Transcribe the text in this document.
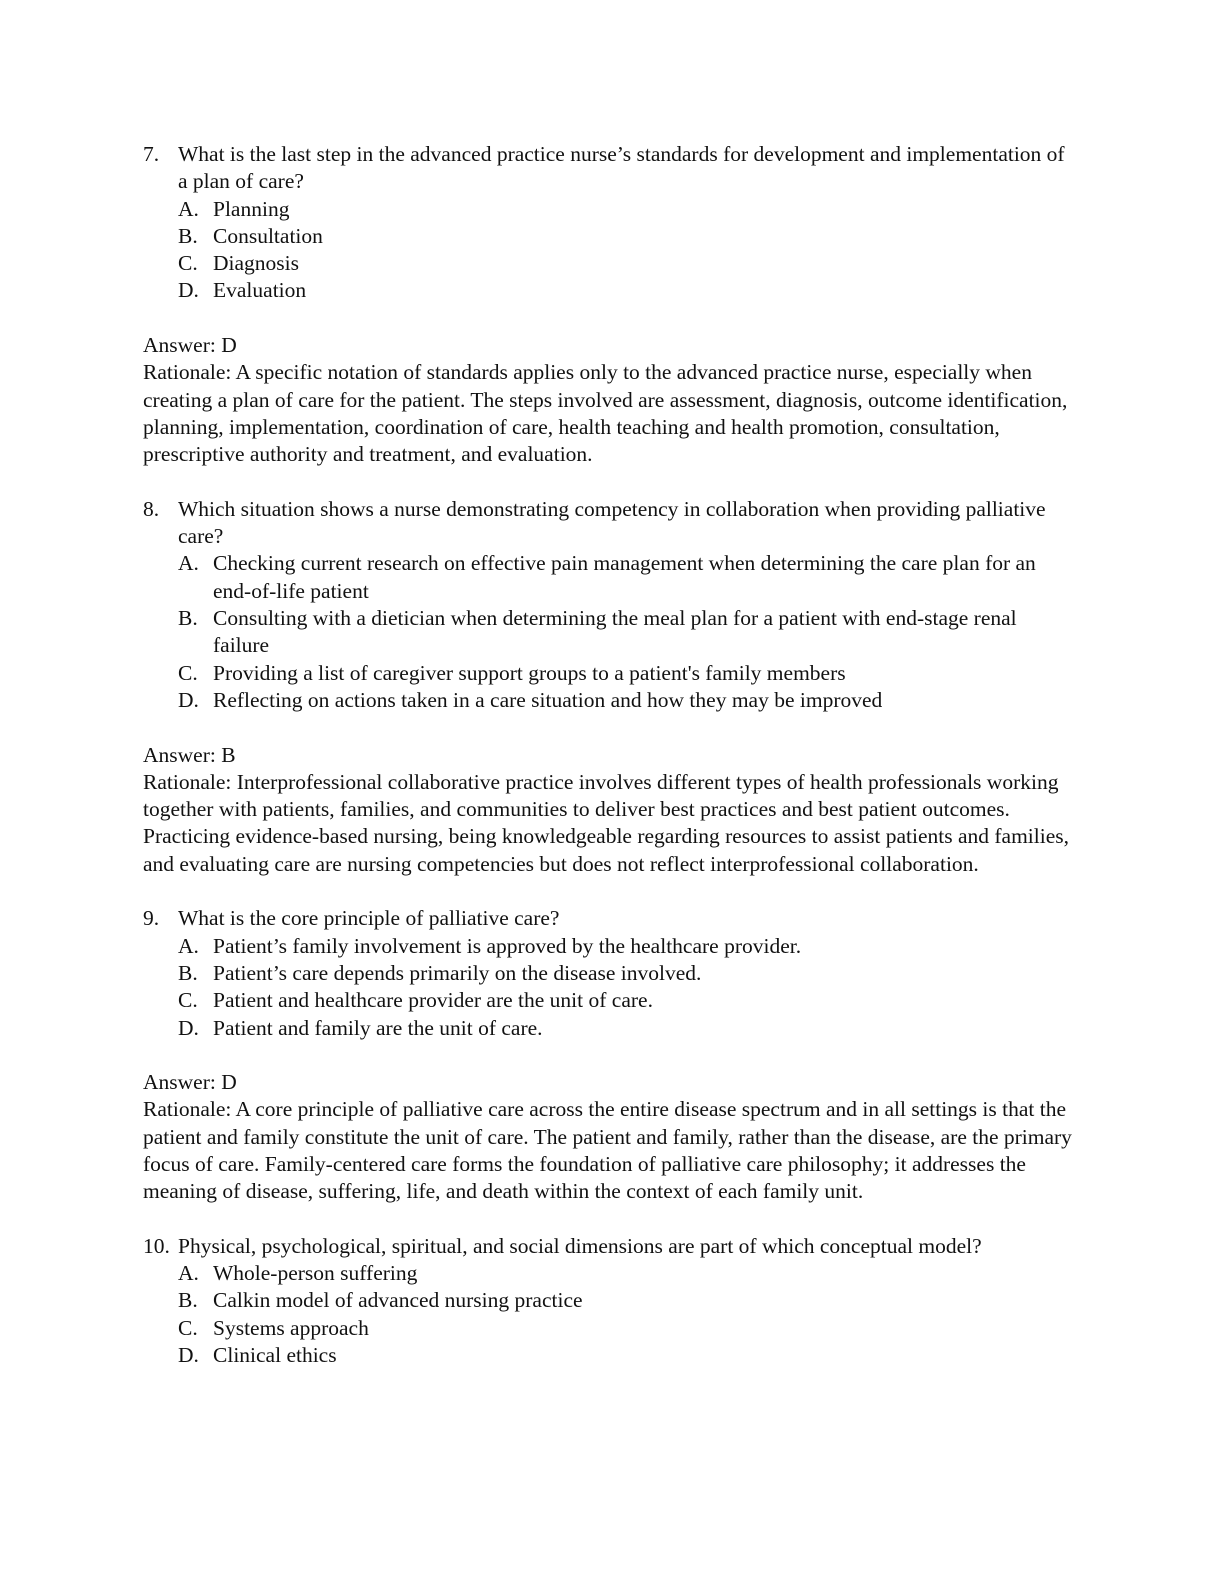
7. What is the last step in the advanced practice nurse’s standards for development and implementation of a plan of care?
A. Planning
B. Consultation
C. Diagnosis
D. Evaluation
Answer: D
Rationale: A specific notation of standards applies only to the advanced practice nurse, especially when creating a plan of care for the patient. The steps involved are assessment, diagnosis, outcome identification, planning, implementation, coordination of care, health teaching and health promotion, consultation, prescriptive authority and treatment, and evaluation.
8. Which situation shows a nurse demonstrating competency in collaboration when providing palliative care?
A. Checking current research on effective pain management when determining the care plan for an end-of-life patient
B. Consulting with a dietician when determining the meal plan for a patient with end-stage renal failure
C. Providing a list of caregiver support groups to a patient's family members
D. Reflecting on actions taken in a care situation and how they may be improved
Answer: B
Rationale: Interprofessional collaborative practice involves different types of health professionals working together with patients, families, and communities to deliver best practices and best patient outcomes. Practicing evidence-based nursing, being knowledgeable regarding resources to assist patients and families, and evaluating care are nursing competencies but does not reflect interprofessional collaboration.
9. What is the core principle of palliative care?
A. Patient’s family involvement is approved by the healthcare provider.
B. Patient’s care depends primarily on the disease involved.
C. Patient and healthcare provider are the unit of care.
D. Patient and family are the unit of care.
Answer: D
Rationale: A core principle of palliative care across the entire disease spectrum and in all settings is that the patient and family constitute the unit of care. The patient and family, rather than the disease, are the primary focus of care. Family-centered care forms the foundation of palliative care philosophy; it addresses the meaning of disease, suffering, life, and death within the context of each family unit.
10. Physical, psychological, spiritual, and social dimensions are part of which conceptual model?
A. Whole-person suffering
B. Calkin model of advanced nursing practice
C. Systems approach
D. Clinical ethics
